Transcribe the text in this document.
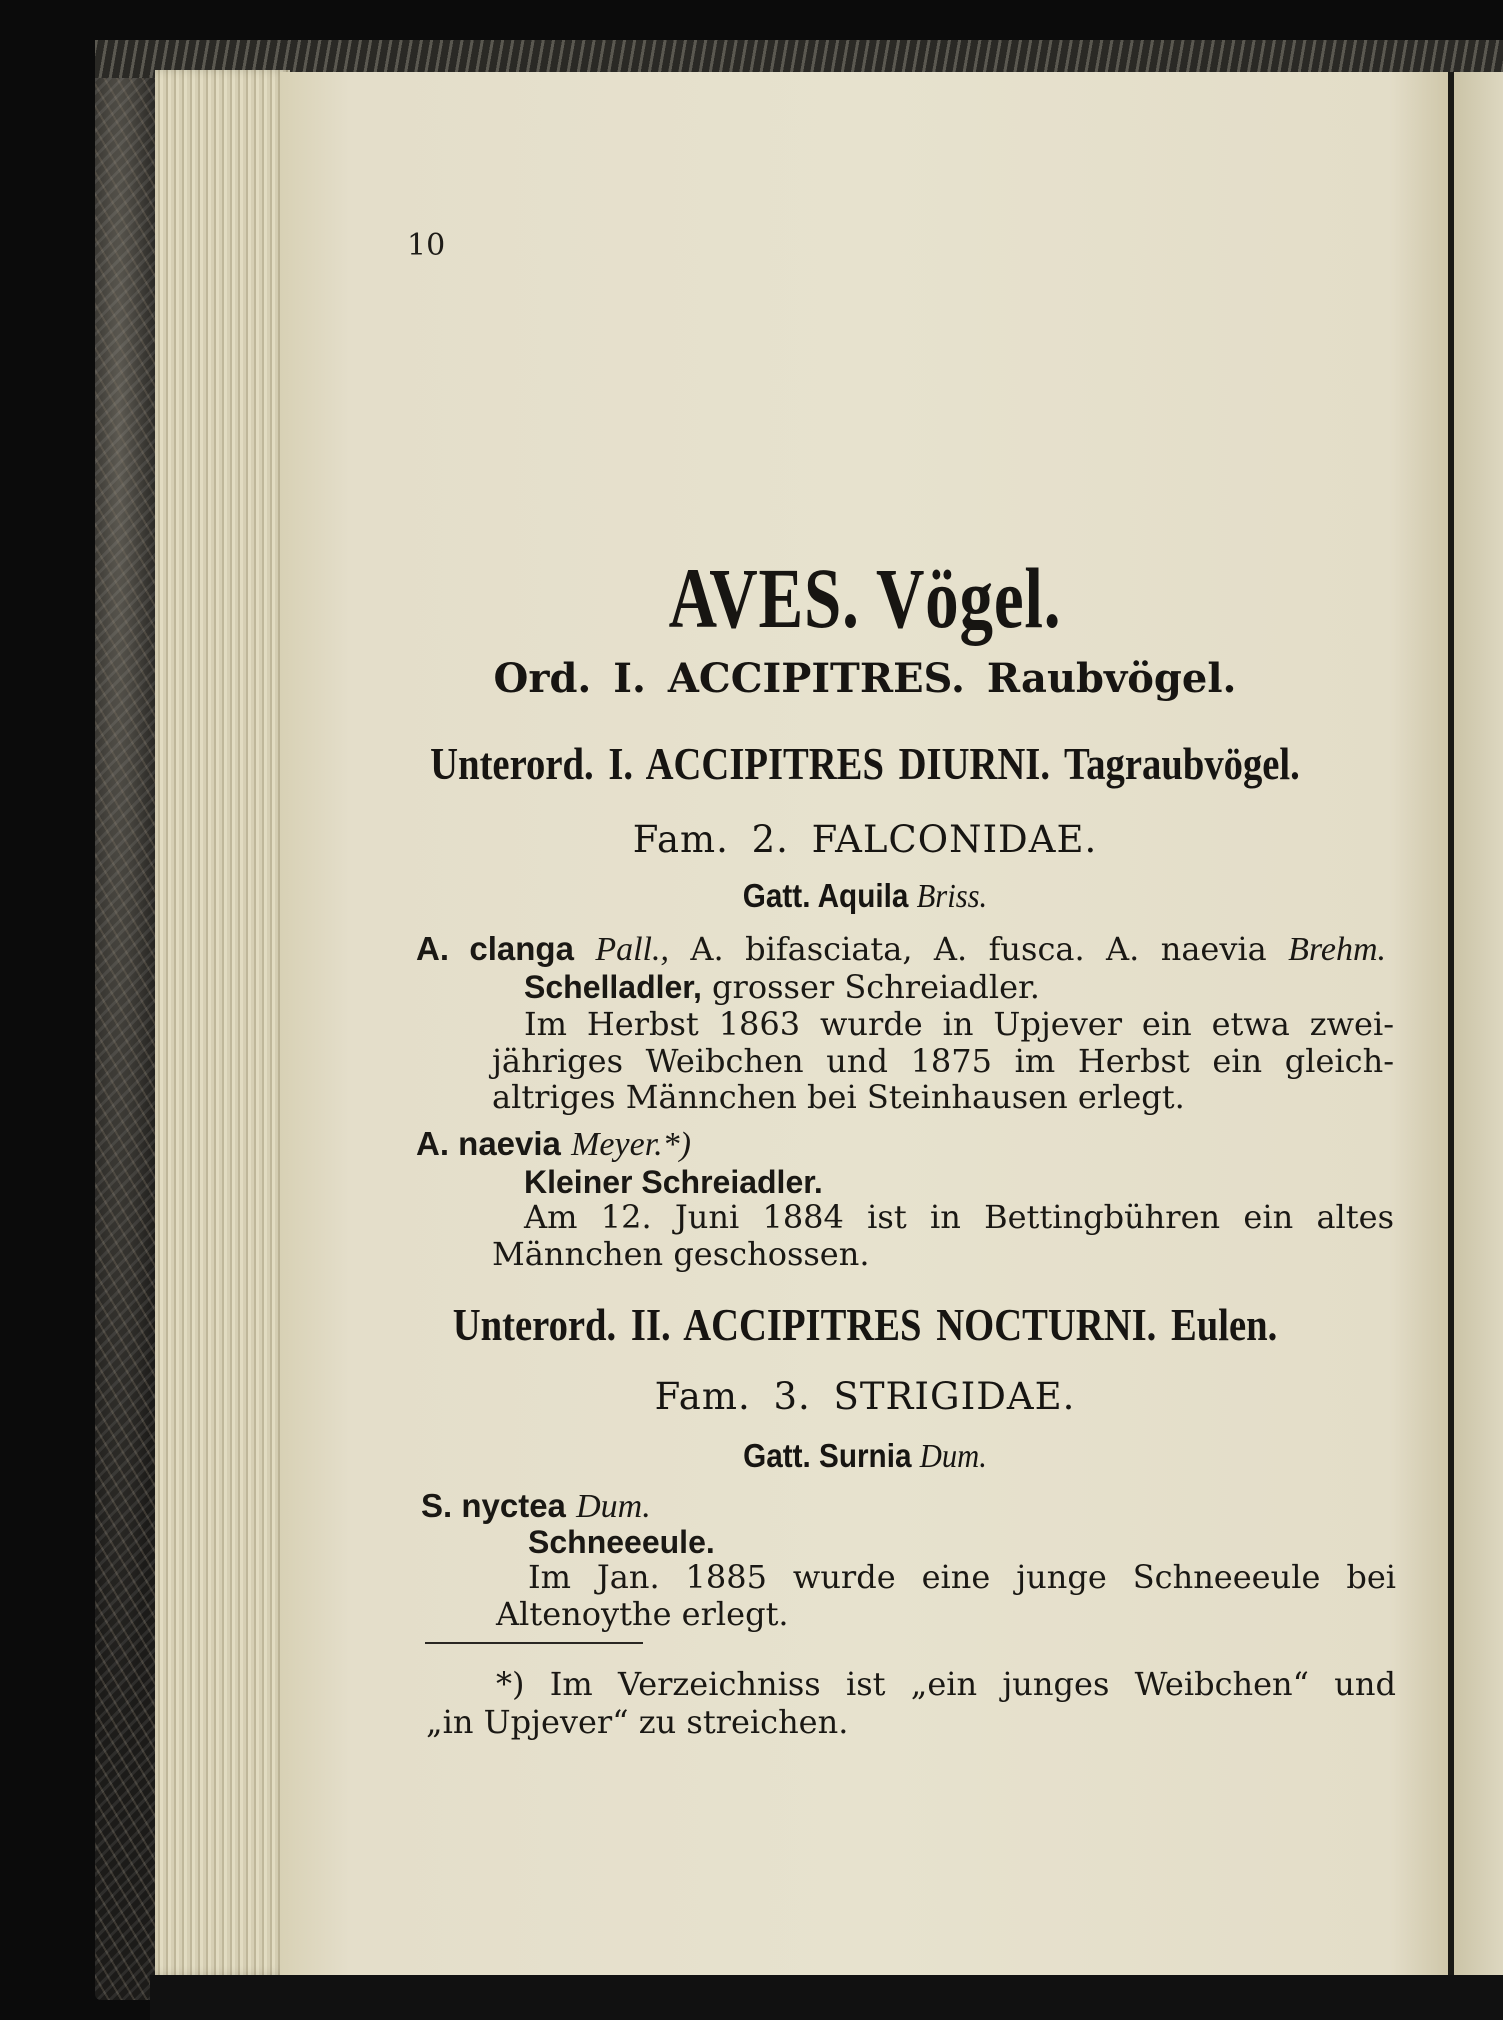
10
AVES. Vögel.
Ord. I. ACCIPITRES. Raubvögel.
Unterord. I. ACCIPITRES DIURNI. Tagraubvögel.
Fam. 2. FALCONIDAE.
Gatt. Aquila Briss.
A. clanga Pall., A. bifasciata, A. fusca. A. naevia Brehm.
Schelladler, grosser Schreiadler.
Im Herbst 1863 wurde in Upjever ein etwa zwei-
jähriges Weibchen und 1875 im Herbst ein gleich-
altriges Männchen bei Steinhausen erlegt.
A. naevia Meyer.*)
Kleiner Schreiadler.
Am 12. Juni 1884 ist in Bettingbühren ein altes
Männchen geschossen.
Unterord. II. ACCIPITRES NOCTURNI. Eulen.
Fam. 3. STRIGIDAE.
Gatt. Surnia Dum.
S. nyctea Dum.
Schneeeule.
Im Jan. 1885 wurde eine junge Schneeeule bei
Altenoythe erlegt.
*) Im Verzeichniss ist „ein junges Weibchen“ und
„in Upjever“ zu streichen.
